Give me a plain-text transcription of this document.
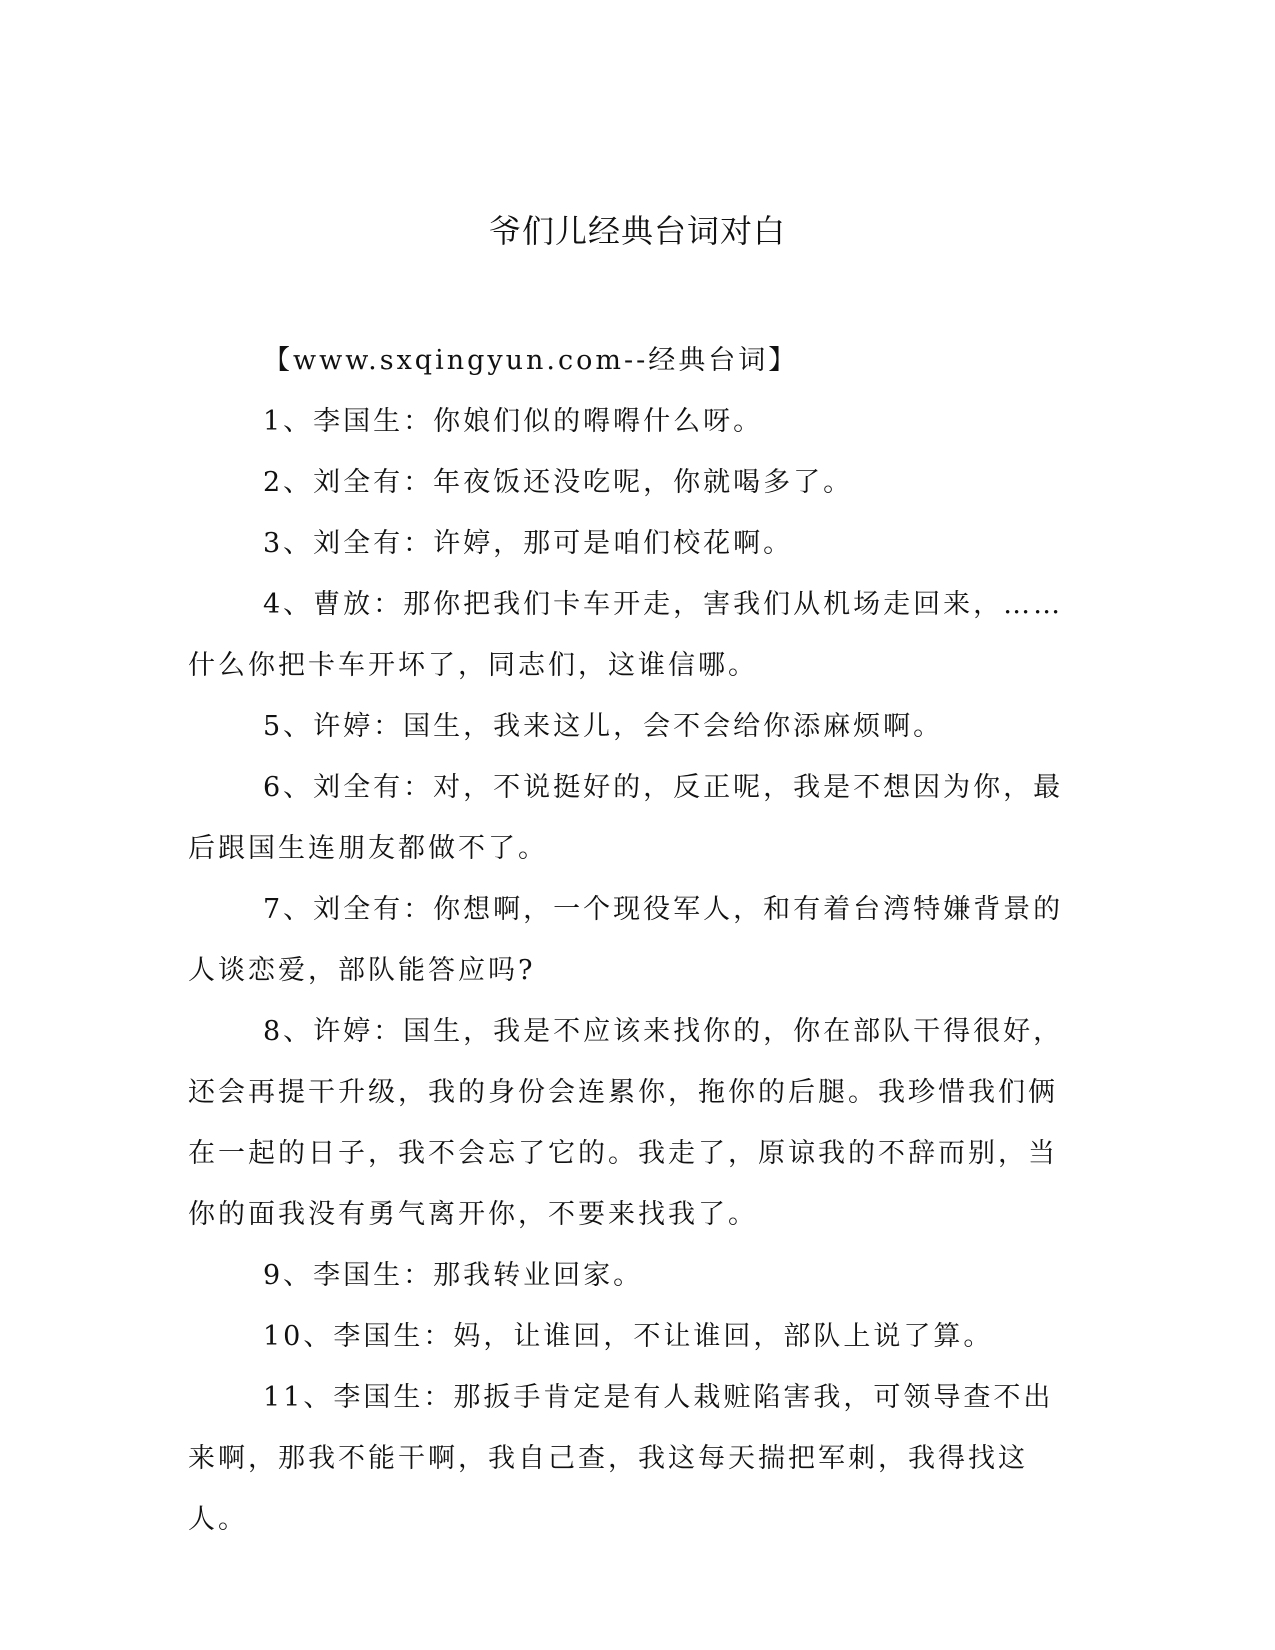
爷们儿经典台词对白

【www.sxqingyun.com--经典台词】

1、李国生：你娘们似的嘚嘚什么呀。

2、刘全有：年夜饭还没吃呢，你就喝多了。

3、刘全有：许婷，那可是咱们校花啊。

4、曹放：那你把我们卡车开走，害我们从机场走回来，……什么你把卡车开坏了，同志们，这谁信哪。

5、许婷：国生，我来这儿，会不会给你添麻烦啊。

6、刘全有：对，不说挺好的，反正呢，我是不想因为你，最后跟国生连朋友都做不了。

7、刘全有：你想啊，一个现役军人，和有着台湾特嫌背景的人谈恋爱，部队能答应吗?

8、许婷：国生，我是不应该来找你的，你在部队干得很好，还会再提干升级，我的身份会连累你，拖你的后腿。我珍惜我们俩在一起的日子，我不会忘了它的。我走了，原谅我的不辞而别，当你的面我没有勇气离开你，不要来找我了。

9、李国生：那我转业回家。

10、李国生：妈，让谁回，不让谁回，部队上说了算。

11、李国生：那扳手肯定是有人栽赃陷害我，可领导查不出来啊，那我不能干啊，我自己查，我这每天揣把军刺，我得找这人。
